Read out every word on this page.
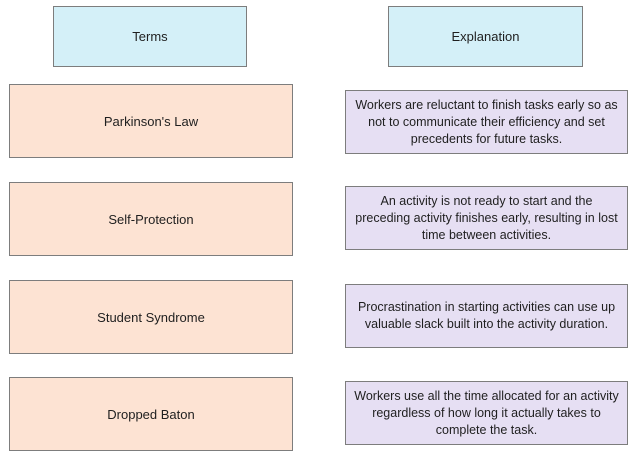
Terms	Explanation
Parkinson's Law
Workers are reluctant to finish tasks early so as not to communicate their efficiency and set precedents for future tasks.
Self-Protection
An activity is not ready to start and the preceding activity finishes early, resulting in lost time between activities.
Student Syndrome
Procrastination in starting activities can use up valuable slack built into the activity duration.
Dropped Baton
Workers use all the time allocated for an activity regardless of how long it actually takes to complete the task.
